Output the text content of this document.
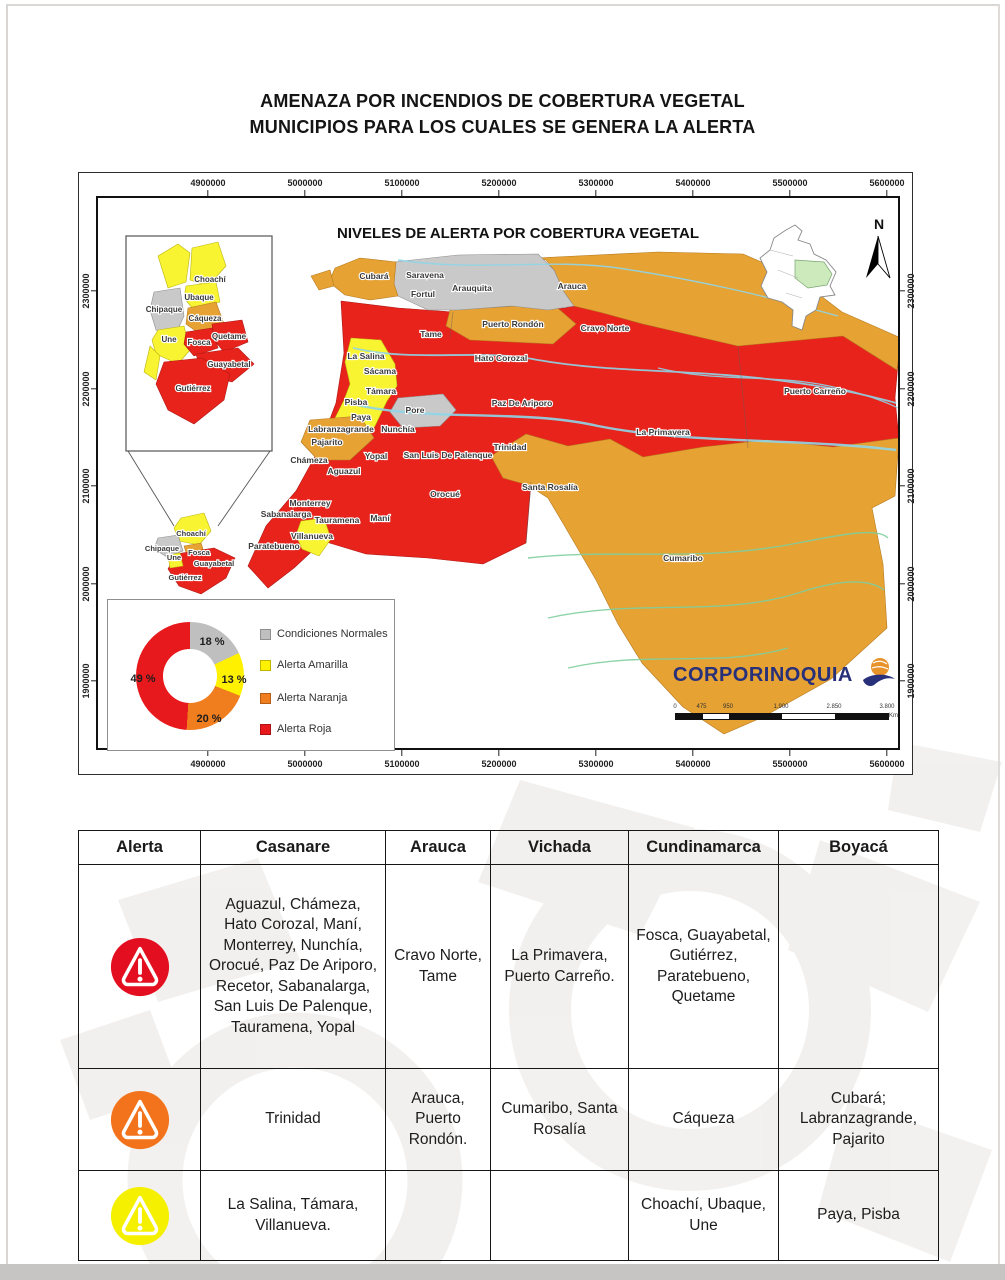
AMENAZA POR INCENDIOS DE COBERTURA VEGETAL
MUNICIPIOS PARA LOS CUALES SE GENERA LA ALERTA
4900000	5000000	5100000	5200000	5300000	5400000	5500000	5600000
4900000	5000000	5100000	5200000	5300000	5400000	5500000	5600000
2300000
2200000
2100000
2000000
1900000
2300000
2200000
2100000
2000000
1900000
NIVELES DE ALERTA POR COBERTURA VEGETAL
N
Cubará Saravena
Fortul
Arauquita	Arauca
Tame
Puerto Rondón	Cravo Norte
La Salina	Hato Corozal
Sácama
Támara
Pisba
Pore
Paz De Ariporo
Paya
Labranzagrande Nunchía
Puerto Carreño
Pajarito
La Primavera
Chámeza	Yopal San Luis De Palenque
Trinidad
Aguazul
Orocué
Santa Rosalía
Monterrey
Sabanalarga
Tauramena Maní
Villanueva
Paratebueno
Choachí
Chipaque
Une
Fosca
Guayabetal
Gutiérrez
Cumaribo
Choachí
Ubaque
Chipaque
Cáqueza
Une Fosca
Quetame
Guayabetal
Gutiérrez
18 %
13 %
20 %
49 %
Condiciones Normales
Alerta Amarilla
Alerta Naranja
Alerta Roja
CORPORINOQUIA
0	475	950	1.900	2.850	3.800
Km
Alerta	Casanare	Arauca	Vichada	Cundinamarca	Boyacá

	Aguazul, Chámeza, Hato Corozal, Maní, Monterrey, Nunchía, Orocué, Paz De Ariporo, Recetor, Sabanalarga, San Luis De Palenque, Tauramena, Yopal	Cravo Norte, Tame	La Primavera, Puerto Carreño.	Fosca, Guayabetal, Gutiérrez, Paratebueno, Quetame	

	Trinidad	Arauca, Puerto Rondón.	Cumaribo, Santa Rosalía	Cáqueza	Cubará; Labranzagrande, Pajarito

	La Salina, Támara, Villanueva.			Choachí, Ubaque, Une	Paya, Pisba
